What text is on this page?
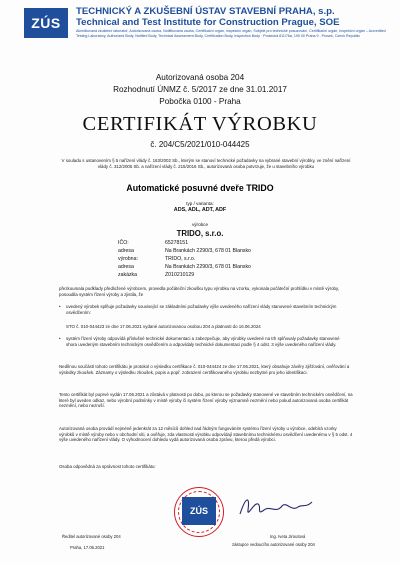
ZÚS
TECHNICKÝ A ZKUŠEBNÍ ÚSTAV STAVEBNÍ PRAHA, s.p.
Technical and Test Institute for Construction Prague, SOE
Akreditovaná zkušební laboratoř, Autorizovaná osoba, Notifikovaná osoba, Certifikační orgán, Inspekční orgán, Subjekt pro technické posuzování, Certifikační orgán, Inspekční orgán – Accredited Testing Laboratory, Authorized Body, Notified Body, Technical Assessment Body, Certification Body, Inspection Body · Prosecká 811/76a, 190 00 Praha 9 - Prosek, Czech Republic
Autorizovaná osoba 204
Rozhodnutí ÚNMZ č. 5/2017 ze dne 31.01.2017
Pobočka 0100 - Praha
CERTIFIKÁT VÝROBKU
č. 204/C5/2021/010-044425
V souladu s ustanovením § 5 nařízení vlády č. 163/2002 Sb., kterým se stanoví technické požadavky na vybrané stavební výrobky, ve znění nařízení vlády č. 312/2005 Sb. a nařízení vlády č. 215/2016 Sb., autorizovaná osoba potvrzuje, že u stavebního výrobku
Automatické posuvné dveře TRIDO
typ / varianta:
ADS, ADL, ADT, ADF
výrobce
TRIDO, s.r.o.
IČO:	65278151
adresa	Na Brankách 2290/3, 678 01 Blansko
výrobna:	TRIDO, s.r.o.
adresa	Na Brankách 2290/3, 678 01 Blansko
zakázka	Z010210129
přezkoumala podklady předložené výrobcem, provedla počáteční zkoušku typu výrobku na vzorku, vykonala počáteční prohlídku v místě výroby, posoudila systém řízení výroby a zjistila, že
• uvedený výrobek splňuje požadavky související se základními požadavky výše uvedeného nařízení vlády stanovené stavebním technickým osvědčením:
STO č. 010-044423 ze dne 17.06.2021 vydané autorizovanou osobou 204 a platnosti do 16.06.2024
• systém řízení výroby odpovídá příslušné technické dokumentaci a zabezpečuje, aby výrobky uvedené na trh splňovaly požadavky stanovené shora uvedeným stavebním technickým osvědčením a odpovídaly technické dokumentaci podle § 4 odst. 3 výše uvedeného nařízení vlády.
Nedílnou součástí tohoto certifikátu je protokol o výsledku certifikace č. 010-044424 ze dne 17.06.2021, který obsahuje závěry zjišťování, ověřování a výsledky zkoušek. Záznamy o výsledku zkoušek, popis a popř. zobrazení certifikovaného výrobku nezbytné pro jeho identifikaci.
Tento certifikát byl poprvé vydán 17.06.2021 a zůstává v platnosti po dobu, po kterou se požadavky stanovené ve stavebním technickém osvědčení, na které byl uveden odkaz, nebo výrobní podmínky v místě výroby či systém řízení výroby významně nezmění nebo pokud autorizovaná osoba certifikát nezmění, nebo nezruší.
Autorizovaná osoba provádí nejméně jedenkrát za 12 měsíců dohled nad řádným fungováním systému řízení výroby u výrobce, odebírá vzorky výrobků v místě výroby nebo v obchodní síti, a ověřuje, zda vlastnosti výrobku odpovídají stavebnímu technickému osvědčení uvedenému v § 5 odst. 4 výše uvedeného nařízení vlády. O vyhodnocení dohledu vydá autorizovaná osoba zprávu, kterou předá výrobci.
Osoba odpovědná za správnost tohoto certifikátu:
ZÚS
Ředitel autorizované osoby 204
Praha, 17.06.2021
Ing. Iveta Jiroutová
zástupce vedoucího autorizované osoby 204
